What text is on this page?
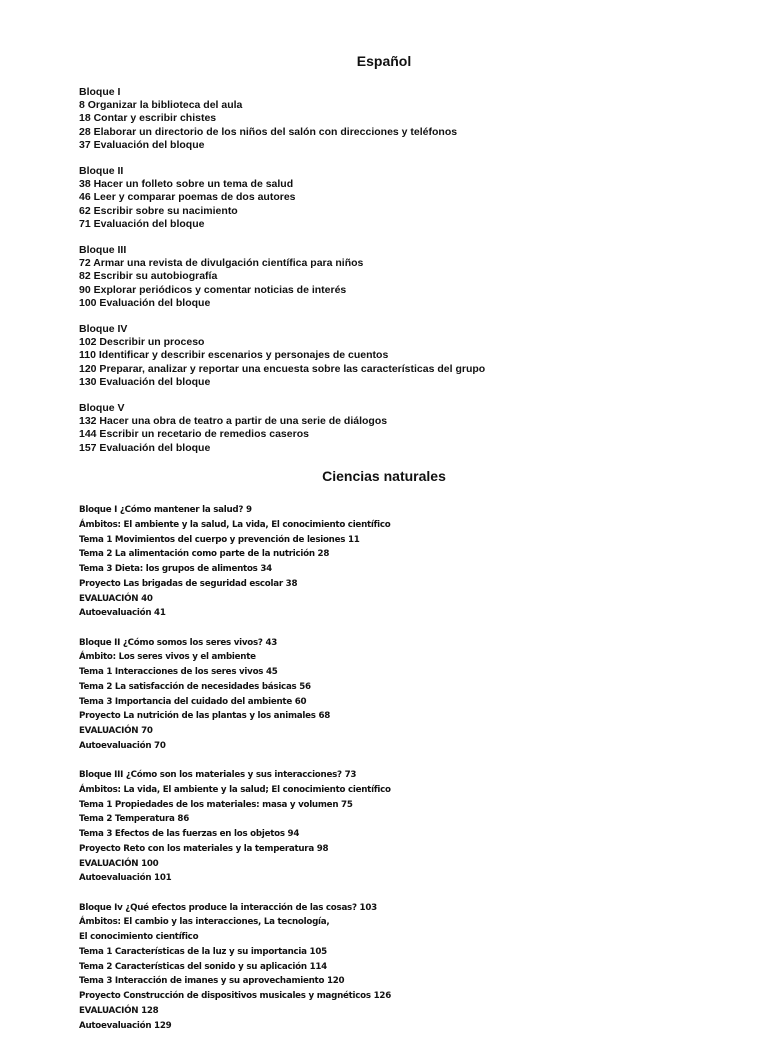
Español
Bloque I
8 Organizar la biblioteca del aula
18 Contar y escribir chistes
28 Elaborar un directorio de los niños del salón con direcciones y teléfonos
37 Evaluación del bloque
Bloque II
38 Hacer un folleto sobre un tema de salud
46 Leer y comparar poemas de dos autores
62 Escribir sobre su nacimiento
71 Evaluación del bloque
Bloque III
72 Armar una revista de divulgación científica para niños
82 Escribir su autobiografía
90 Explorar periódicos y comentar noticias de interés
100 Evaluación del bloque
Bloque IV
102 Describir un proceso
110 Identificar y describir escenarios y personajes de cuentos
120 Preparar, analizar y reportar una encuesta sobre las características del grupo
130 Evaluación del bloque
Bloque V
132 Hacer una obra de teatro a partir de una serie de diálogos
144 Escribir un recetario de remedios caseros
157 Evaluación del bloque
Ciencias naturales
Bloque I ¿Cómo mantener la salud? 9
Ámbitos: El ambiente y la salud, La vida, El conocimiento científico
Tema 1 Movimientos del cuerpo y prevención de lesiones 11
Tema 2 La alimentación como parte de la nutrición 28
Tema 3 Dieta: los grupos de alimentos 34
Proyecto Las brigadas de seguridad escolar 38
EVALUACIÓN 40
Autoevaluación 41
Bloque II ¿Cómo somos los seres vivos? 43
Ámbito: Los seres vivos y el ambiente
Tema 1 Interacciones de los seres vivos 45
Tema 2 La satisfacción de necesidades básicas 56
Tema 3 Importancia del cuidado del ambiente 60
Proyecto La nutrición de las plantas y los animales 68
EVALUACIÓN 70
Autoevaluación 70
Bloque III ¿Cómo son los materiales y sus interacciones? 73
Ámbitos: La vida, El ambiente y la salud; El conocimiento científico
Tema 1 Propiedades de los materiales: masa y volumen 75
Tema 2 Temperatura 86
Tema 3 Efectos de las fuerzas en los objetos 94
Proyecto Reto con los materiales y la temperatura 98
EVALUACIÓN 100
Autoevaluación 101
Bloque Iv ¿Qué efectos produce la interacción de las cosas? 103
Ámbitos: El cambio y las interacciones, La tecnología,
El conocimiento científico
Tema 1 Características de la luz y su importancia 105
Tema 2 Características del sonido y su aplicación 114
Tema 3 Interacción de imanes y su aprovechamiento 120
Proyecto Construcción de dispositivos musicales y magnéticos 126
EVALUACIÓN 128
Autoevaluación 129
